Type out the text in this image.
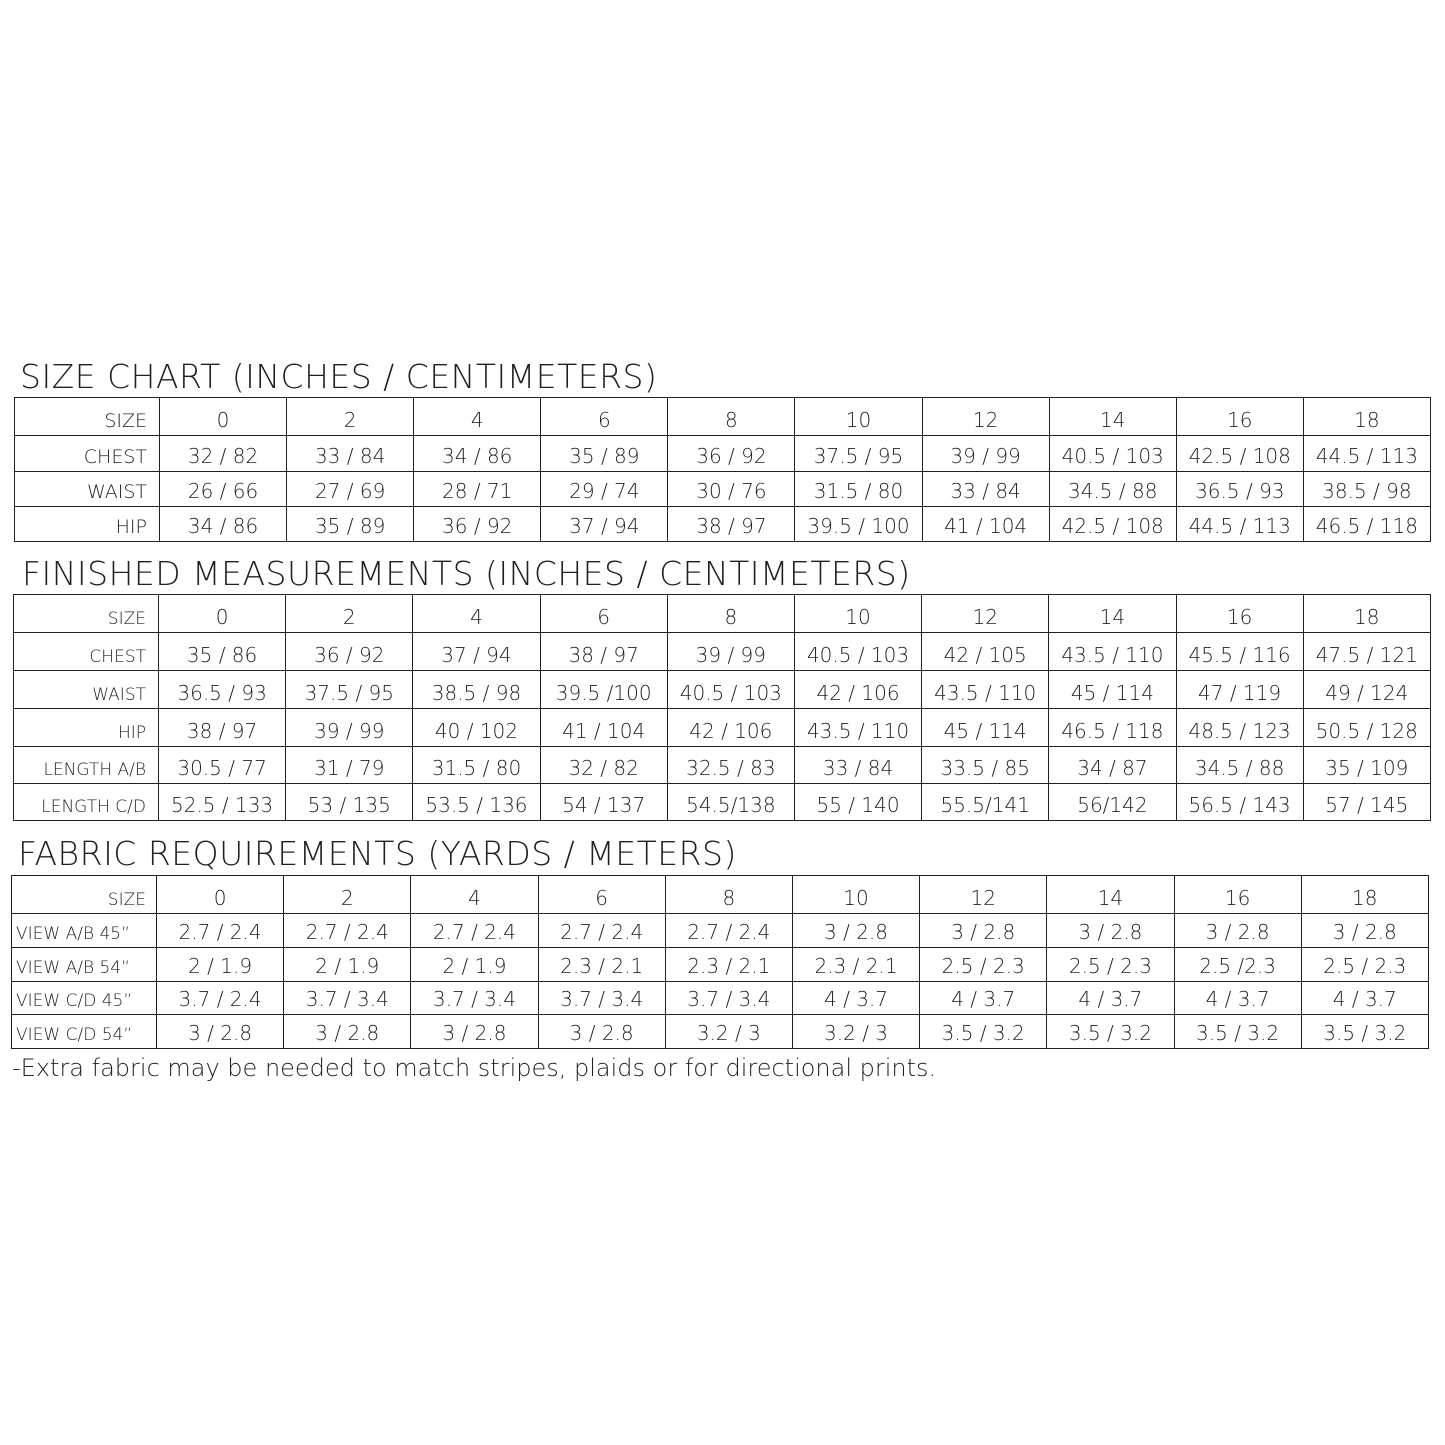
SIZE CHART (INCHES / CENTIMETERS)
SIZE	0	2	4	6	8	10	12	14	16	18
CHEST	32 / 82	33 / 84	34 / 86	35 / 89	36 / 92	37.5 / 95	39 / 99	40.5 / 103	42.5 / 108	44.5 / 113
WAIST	26 / 66	27 / 69	28 / 71	29 / 74	30 / 76	31.5 / 80	33 / 84	34.5 / 88	36.5 / 93	38.5 / 98
HIP	34 / 86	35 / 89	36 / 92	37 / 94	38 / 97	39.5 / 100	41 / 104	42.5 / 108	44.5 / 113	46.5 / 118
FINISHED MEASUREMENTS (INCHES / CENTIMETERS)
SIZE	0	2	4	6	8	10	12	14	16	18
CHEST	35 / 86	36 / 92	37 / 94	38 / 97	39 / 99	40.5 / 103	42 / 105	43.5 / 110	45.5 / 116	47.5 / 121
WAIST	36.5 / 93	37.5 / 95	38.5 / 98	39.5 /100	40.5 / 103	42 / 106	43.5 / 110	45 / 114	47 / 119	49 / 124
HIP	38 / 97	39 / 99	40 / 102	41 / 104	42 / 106	43.5 / 110	45 / 114	46.5 / 118	48.5 / 123	50.5 / 128
LENGTH A/B	30.5 / 77	31 / 79	31.5 / 80	32 / 82	32.5 / 83	33 / 84	33.5 / 85	34 / 87	34.5 / 88	35 / 109
LENGTH C/D	52.5 / 133	53 / 135	53.5 / 136	54 / 137	54.5/138	55 / 140	55.5/141	56/142	56.5 / 143	57 / 145
FABRIC REQUIREMENTS (YARDS / METERS)
SIZE	0	2	4	6	8	10	12	14	16	18
VIEW A/B 45”	2.7 / 2.4	2.7 / 2.4	2.7 / 2.4	2.7 / 2.4	2.7 / 2.4	3 / 2.8	3 / 2.8	3 / 2.8	3 / 2.8	3 / 2.8
VIEW A/B 54”	2 / 1.9	2 / 1.9	2 / 1.9	2.3 / 2.1	2.3 / 2.1	2.3 / 2.1	2.5 / 2.3	2.5 / 2.3	2.5 /2.3	2.5 / 2.3
VIEW C/D 45”	3.7 / 2.4	3.7 / 3.4	3.7 / 3.4	3.7 / 3.4	3.7 / 3.4	4 / 3.7	4 / 3.7	4 / 3.7	4 / 3.7	4 / 3.7
VIEW C/D 54”	3 / 2.8	3 / 2.8	3 / 2.8	3 / 2.8	3.2 / 3	3.2 / 3	3.5 / 3.2	3.5 / 3.2	3.5 / 3.2	3.5 / 3.2
-Extra fabric may be needed to match stripes, plaids or for directional prints.
